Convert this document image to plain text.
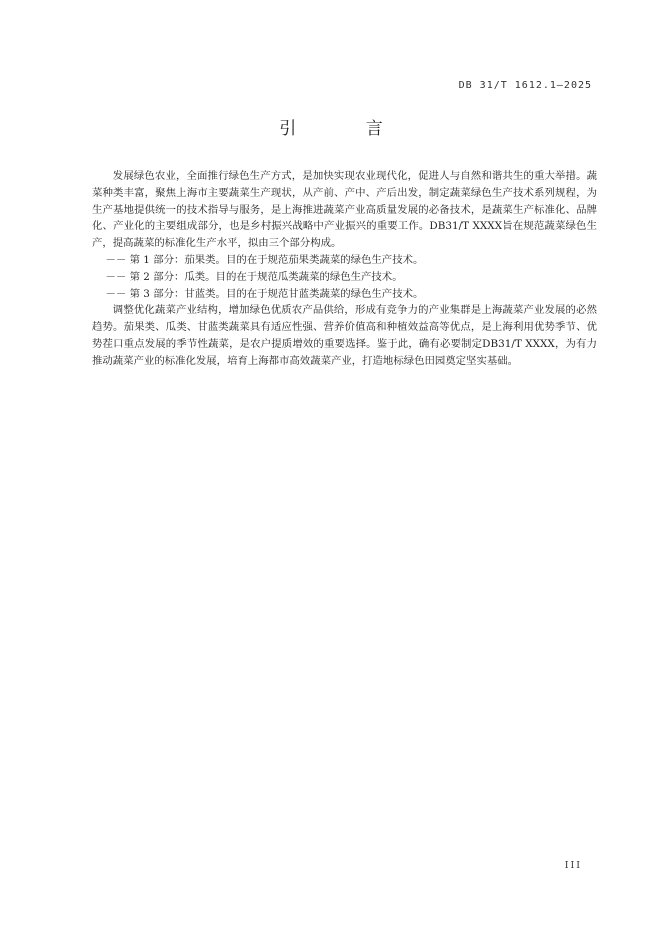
DB 31/T 1612.1—2025
引 言

发展绿色农业，全面推行绿色生产方式，是加快实现农业现代化，促进人与自然和谐共生的重大举措。蔬菜种类丰富，聚焦上海市主要蔬菜生产现状，从产前、产中、产后出发，制定蔬菜绿色生产技术系列规程，为生产基地提供统一的技术指导与服务，是上海推进蔬菜产业高质量发展的必备技术，是蔬菜生产标准化、品牌化、产业化的主要组成部分，也是乡村振兴战略中产业振兴的重要工作。DB31/T XXXX旨在规范蔬菜绿色生产，提高蔬菜的标准化生产水平，拟由三个部分构成。

－－ 第 1 部分：茄果类。目的在于规范茄果类蔬菜的绿色生产技术。

－－ 第 2 部分：瓜类。目的在于规范瓜类蔬菜的绿色生产技术。

－－ 第 3 部分：甘蓝类。目的在于规范甘蓝类蔬菜的绿色生产技术。

调整优化蔬菜产业结构，增加绿色优质农产品供给，形成有竞争力的产业集群是上海蔬菜产业发展的必然趋势。茄果类、瓜类、甘蓝类蔬菜具有适应性强、营养价值高和种植效益高等优点，是上海利用优势季节、优势茬口重点发展的季节性蔬菜，是农户提质增效的重要选择。鉴于此，确有必要制定DB31/T XXXX，为有力推动蔬菜产业的标准化发展，培育上海都市高效蔬菜产业，打造地标绿色田园奠定坚实基础。

III
